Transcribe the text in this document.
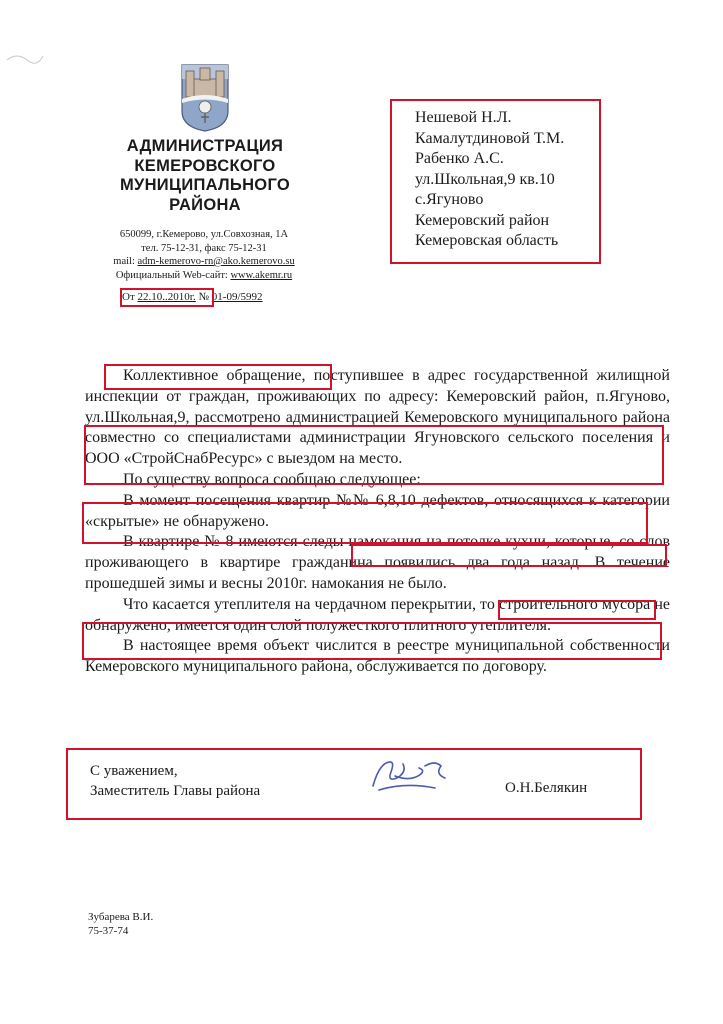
АДМИНИСТРАЦИЯ
КЕМЕРОВСКОГО
МУНИЦИПАЛЬНОГО
РАЙОНА
650099, г.Кемерово, ул.Совхозная, 1А
тел. 75-12-31, факс 75-12-31
mail: adm-kemerovo-rn@ako.kemerovo.su
Официальный Web-сайт: www.akemr.ru
От 22.10..2010г. № 01-09/5992
Нешевой Н.Л.
Камалутдиновой Т.М.
Рабенко А.С.
ул.Школьная,9 кв.10
с.Ягуново
Кемеровский район
Кемеровская область

Коллективное обращение, поступившее в адрес государственной жилищной инспекции от граждан, проживающих по адресу: Кемеровский район, п.Ягуново, ул.Школьная,9, рассмотрено администрацией Кемеровского муниципального района совместно со специалистами администрации Ягуновского сельского поселения и ООО «СтройСнабРесурс» с выездом на место.

По существу вопроса сообщаю следующее:

В момент посещения квартир №№ 6,8,10 дефектов, относящихся к категории «скрытые» не обнаружено.

В квартире № 8 имеются следы намокания на потолке кухни, которые, со слов проживающего в квартире гражданина появились два года назад. В течение прошедшей зимы и весны 2010г. намокания не было.

Что касается утеплителя на чердачном перекрытии, то строительного мусора не обнаружено, имеется один слой полужесткого плитного утеплителя.

В настоящее время объект числится в реестре муниципальной собственности Кемеровского муниципального района, обслуживается по договору.

С уважением,
Заместитель Главы района	О.Н.Белякин
Зубарева В.И.
75-37-74
